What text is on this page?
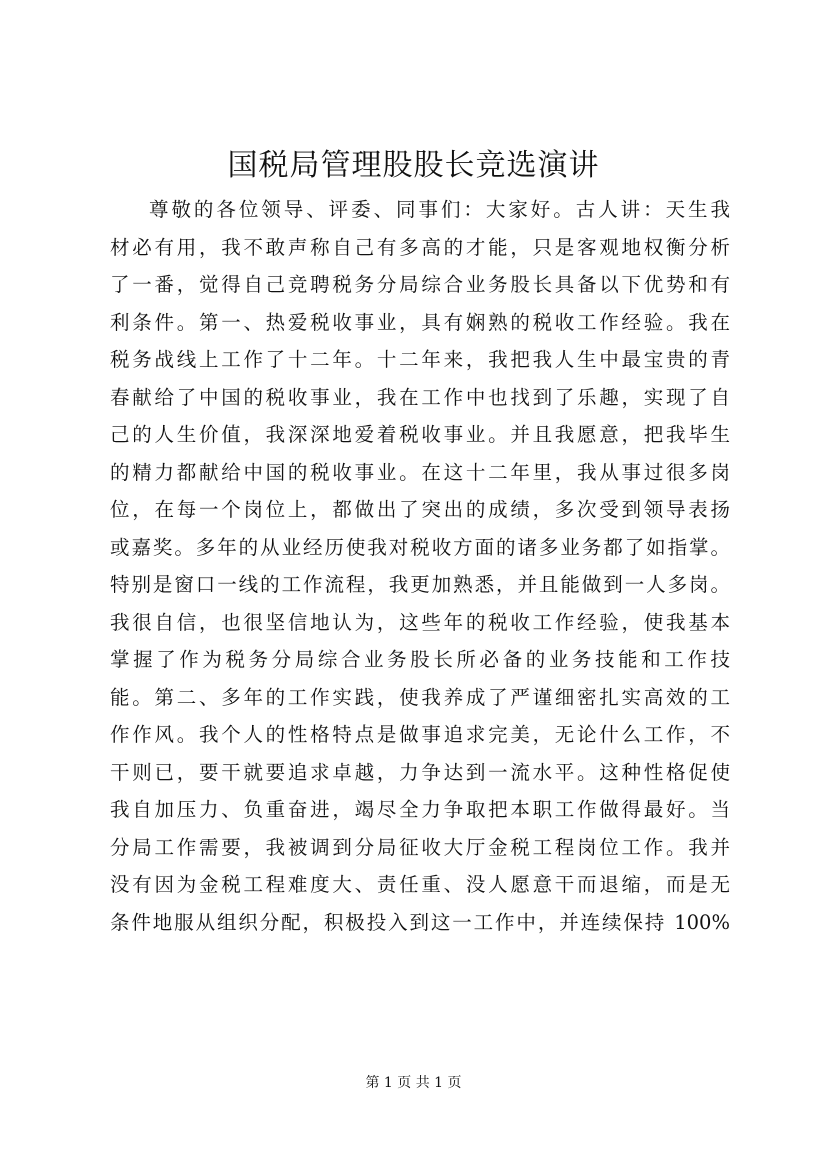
国税局管理股股长竞选演讲
尊敬的各位领导、评委、同事们：大家好。古人讲：天生我
材必有用，我不敢声称自己有多高的才能，只是客观地权衡分析
了一番，觉得自己竞聘税务分局综合业务股长具备以下优势和有
利条件。第一、热爱税收事业，具有娴熟的税收工作经验。我在
税务战线上工作了十二年。十二年来，我把我人生中最宝贵的青
春献给了中国的税收事业，我在工作中也找到了乐趣，实现了自
己的人生价值，我深深地爱着税收事业。并且我愿意，把我毕生
的精力都献给中国的税收事业。在这十二年里，我从事过很多岗
位，在每一个岗位上，都做出了突出的成绩，多次受到领导表扬
或嘉奖。多年的从业经历使我对税收方面的诸多业务都了如指掌。
特别是窗口一线的工作流程，我更加熟悉，并且能做到一人多岗。
我很自信，也很坚信地认为，这些年的税收工作经验，使我基本
掌握了作为税务分局综合业务股长所必备的业务技能和工作技
能。第二、多年的工作实践，使我养成了严谨细密扎实高效的工
作作风。我个人的性格特点是做事追求完美，无论什么工作，不
干则已，要干就要追求卓越，力争达到一流水平。这种性格促使
我自加压力、负重奋进，竭尽全力争取把本职工作做得最好。当
分局工作需要，我被调到分局征收大厅金税工程岗位工作。我并
没有因为金税工程难度大、责任重、没人愿意干而退缩，而是无
条件地服从组织分配，积极投入到这一工作中，并连续保持 100%
第 1 页 共 1 页
